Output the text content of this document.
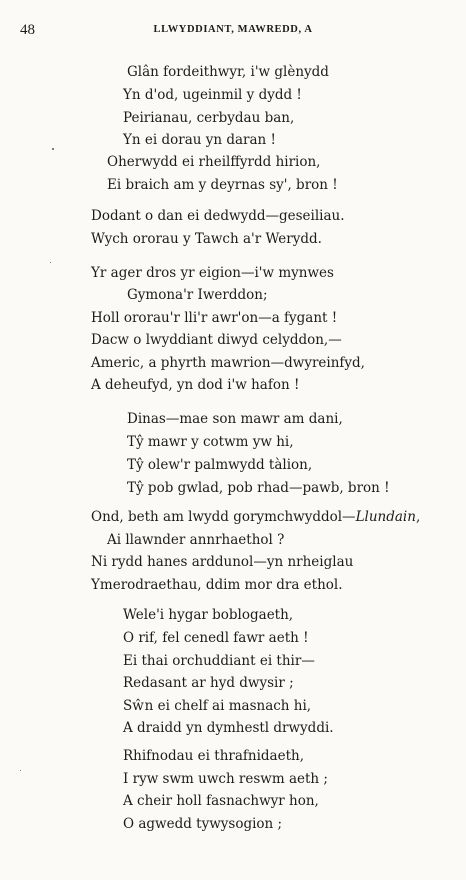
48	LLWYDDIANT, MAWREDD, A
Glân fordeithwyr, i'w glènydd
Yn d'od, ugeinmil y dydd !
Peirianau, cerbydau ban,
Yn ei dorau yn daran !
Oherwydd ei rheilffyrdd hirion,
Ei braich am y deyrnas sy', bron !
Dodant o dan ei dedwydd—geseiliau.
Wych ororau y Tawch a'r Werydd.
Yr ager dros yr eigion—i'w mynwes
Gymona'r Iwerddon;
Holl ororau'r lli'r awr'on—a fygant !
Dacw o lwyddiant diwyd celyddon,—
Americ, a phyrth mawrion—dwyreinfyd,
A deheufyd, yn dod i'w hafon !
Dinas—mae son mawr am dani,
Tŷ mawr y cotwm yw hi,
Tŷ olew'r palmwydd tàlion,
Tŷ pob gwlad, pob rhad—pawb, bron !
Ond, beth am lwydd gorymchwyddol—Llundain,
Ai llawnder annrhaethol ?
Ni rydd hanes arddunol—yn nrheiglau
Ymerodraethau, ddim mor dra ethol.
Wele'i hygar boblogaeth,
O rif, fel cenedl fawr aeth !
Ei thai orchuddiant ei thir—
Redasant ar hyd dwysir ;
Sŵn ei chelf ai masnach hi,
A draidd yn dymhestl drwyddi.
Rhifnodau ei thrafnidaeth,
I ryw swm uwch reswm aeth ;
A cheir holl fasnachwyr hon,
O agwedd tywysogion ;
